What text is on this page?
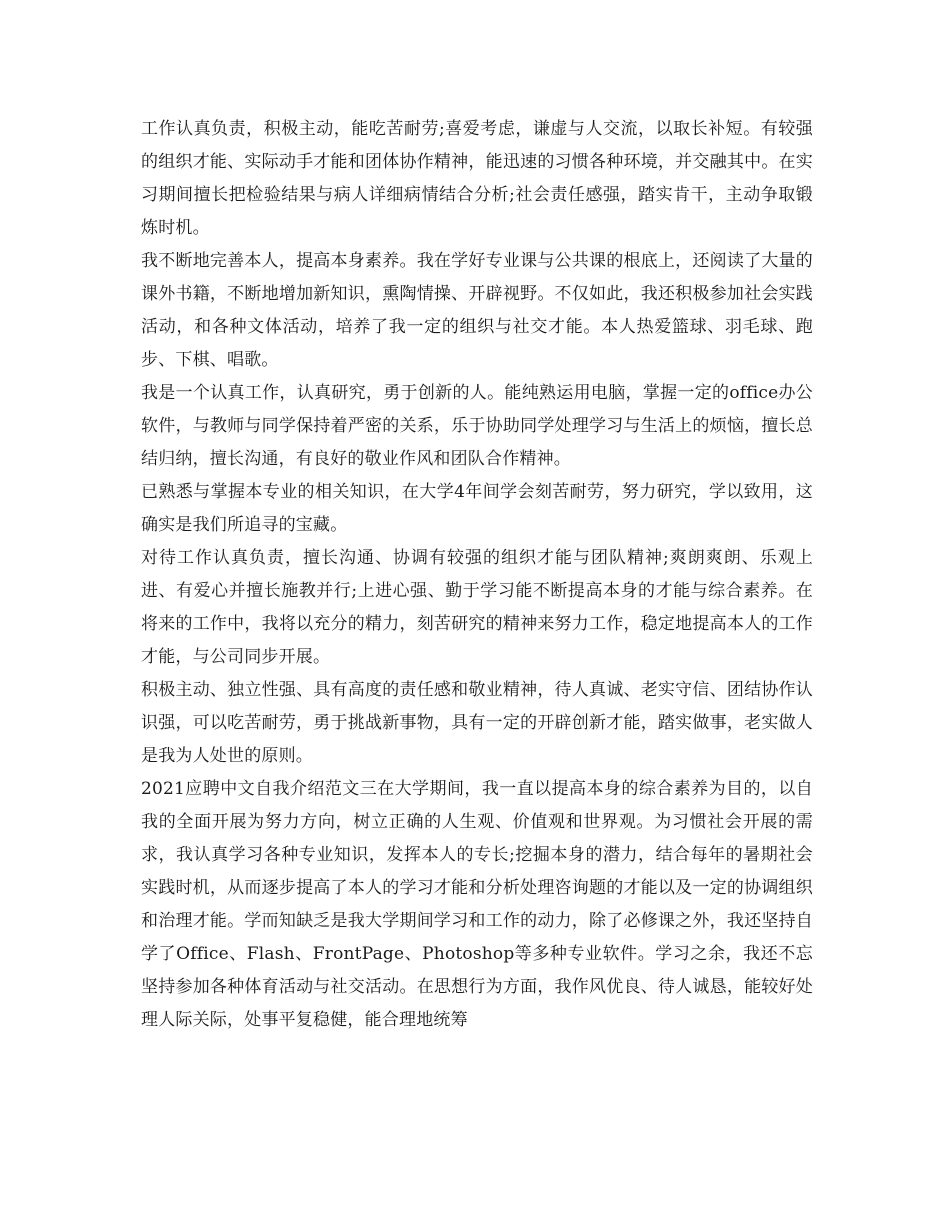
工作认真负责，积极主动，能吃苦耐劳;喜爱考虑，谦虚与人交流，以取长补短。有较强的组织才能、实际动手才能和团体协作精神，能迅速的习惯各种环境，并交融其中。在实习期间擅长把检验结果与病人详细病情结合分析;社会责任感强，踏实肯干，主动争取锻炼时机。

我不断地完善本人，提高本身素养。我在学好专业课与公共课的根底上，还阅读了大量的课外书籍，不断地增加新知识，熏陶情操、开辟视野。不仅如此，我还积极参加社会实践活动，和各种文体活动，培养了我一定的组织与社交才能。本人热爱篮球、羽毛球、跑步、下棋、唱歌。

我是一个认真工作，认真研究，勇于创新的人。能纯熟运用电脑，掌握一定的office办公软件，与教师与同学保持着严密的关系，乐于协助同学处理学习与生活上的烦恼，擅长总结归纳，擅长沟通，有良好的敬业作风和团队合作精神。

已熟悉与掌握本专业的相关知识，在大学4年间学会刻苦耐劳，努力研究，学以致用，这确实是我们所追寻的宝藏。

对待工作认真负责，擅长沟通、协调有较强的组织才能与团队精神;爽朗爽朗、乐观上进、有爱心并擅长施教并行;上进心强、勤于学习能不断提高本身的才能与综合素养。在将来的工作中，我将以充分的精力，刻苦研究的精神来努力工作，稳定地提高本人的工作才能，与公司同步开展。

积极主动、独立性强、具有高度的责任感和敬业精神，待人真诚、老实守信、团结协作认识强，可以吃苦耐劳，勇于挑战新事物，具有一定的开辟创新才能，踏实做事，老实做人是我为人处世的原则。

2021应聘中文自我介绍范文三在大学期间，我一直以提高本身的综合素养为目的，以自我的全面开展为努力方向，树立正确的人生观、价值观和世界观。为习惯社会开展的需求，我认真学习各种专业知识，发挥本人的专长;挖掘本身的潜力，结合每年的暑期社会实践时机，从而逐步提高了本人的学习才能和分析处理咨询题的才能以及一定的协调组织和治理才能。学而知缺乏是我大学期间学习和工作的动力，除了必修课之外，我还坚持自学了Office、Flash、FrontPage、Photoshop等多种专业软件。学习之余，我还不忘坚持参加各种体育活动与社交活动。在思想行为方面，我作风优良、待人诚恳，能较好处理人际关际，处事平复稳健，能合理地统筹
